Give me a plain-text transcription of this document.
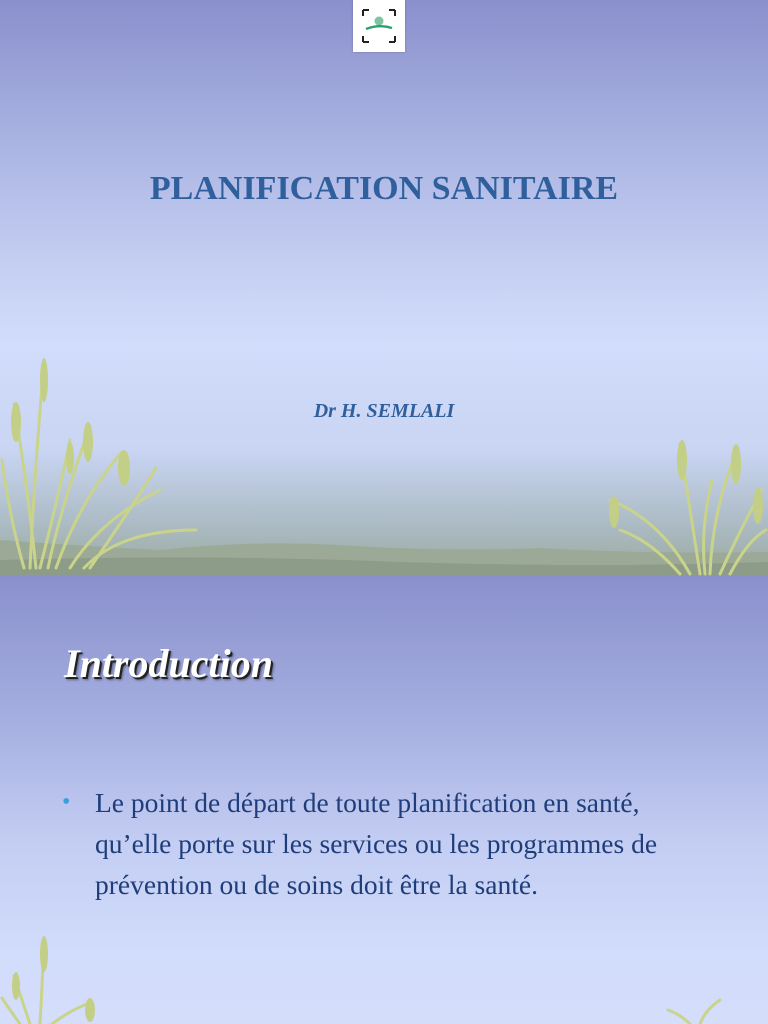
PLANIFICATION SANITAIRE

Dr H. SEMLALI

Introduction
• Le point de départ de toute planification en santé, qu’elle porte sur les services ou les programmes de prévention ou de soins doit être la santé.
